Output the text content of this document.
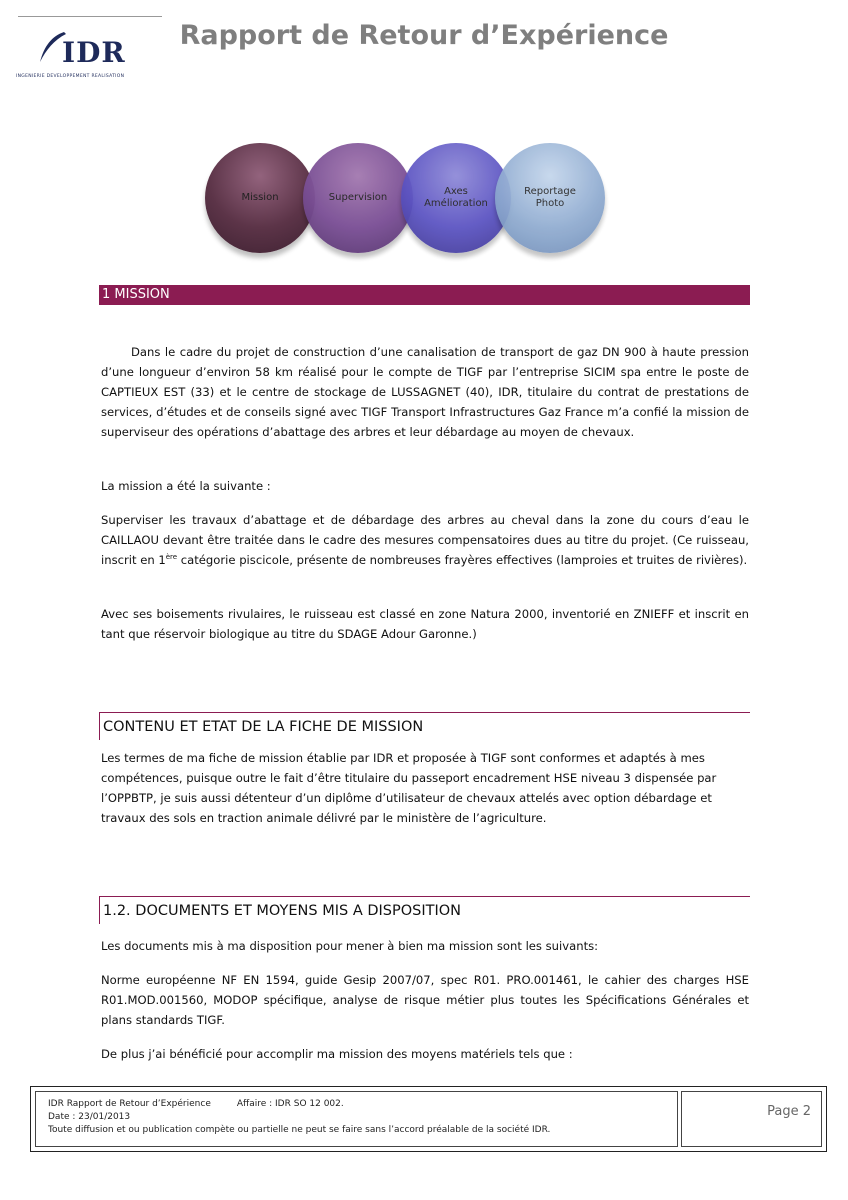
IDR
INGENIERIE DEVELOPPEMENT REALISATION
Rapport de Retour d’Expérience
Mission	Supervision
Axes
Amélioration
Reportage
Photo
1 MISSION

Dans le cadre du projet de construction d’une canalisation de transport de gaz DN 900 à haute pression d’une longueur d’environ 58 km réalisé pour le compte de TIGF par l’entreprise SICIM spa entre le poste de CAPTIEUX EST (33) et le centre de stockage de LUSSAGNET (40), IDR, titulaire du contrat de prestations de services, d’études et de conseils signé avec TIGF Transport Infrastructures Gaz France m’a confié la mission de superviseur des opérations d’abattage des arbres et leur débardage au moyen de chevaux.

La mission a été la suivante :

Superviser les travaux d’abattage et de débardage des arbres au cheval dans la zone du cours d’eau le CAILLAOU devant être traitée dans le cadre des mesures compensatoires dues au titre du projet. (Ce ruisseau, inscrit en 1ère catégorie piscicole, présente de nombreuses frayères effectives (lamproies et truites de rivières).

Avec ses boisements rivulaires, le ruisseau est classé en zone Natura 2000, inventorié en ZNIEFF et inscrit en tant que réservoir biologique au titre du SDAGE Adour Garonne.)

CONTENU ET ETAT DE LA FICHE DE MISSION

Les termes de ma fiche de mission établie par IDR et proposée à TIGF sont conformes et adaptés à mes compétences, puisque outre le fait d’être titulaire du passeport encadrement HSE niveau 3 dispensée par l’OPPBTP, je suis aussi détenteur d’un diplôme d’utilisateur de chevaux attelés avec option débardage et travaux des sols en traction animale délivré par le ministère de l’agriculture.

1.2. DOCUMENTS ET MOYENS MIS A DISPOSITION

Les documents mis à ma disposition pour mener à bien ma mission sont les suivants:

Norme européenne NF EN 1594, guide Gesip 2007/07, spec R01. PRO.001461, le cahier des charges HSE R01.MOD.001560, MODOP spécifique, analyse de risque métier plus toutes les Spécifications Générales et plans standards TIGF.

De plus j’ai bénéficié pour accomplir ma mission des moyens matériels tels que :

IDR Rapport de Retour d’Expérience	Affaire : IDR SO 12 002.
Date : 23/01/2013
Toute diffusion et ou publication compète ou partielle ne peut se faire sans l’accord préalable de la société IDR.
Page 2
